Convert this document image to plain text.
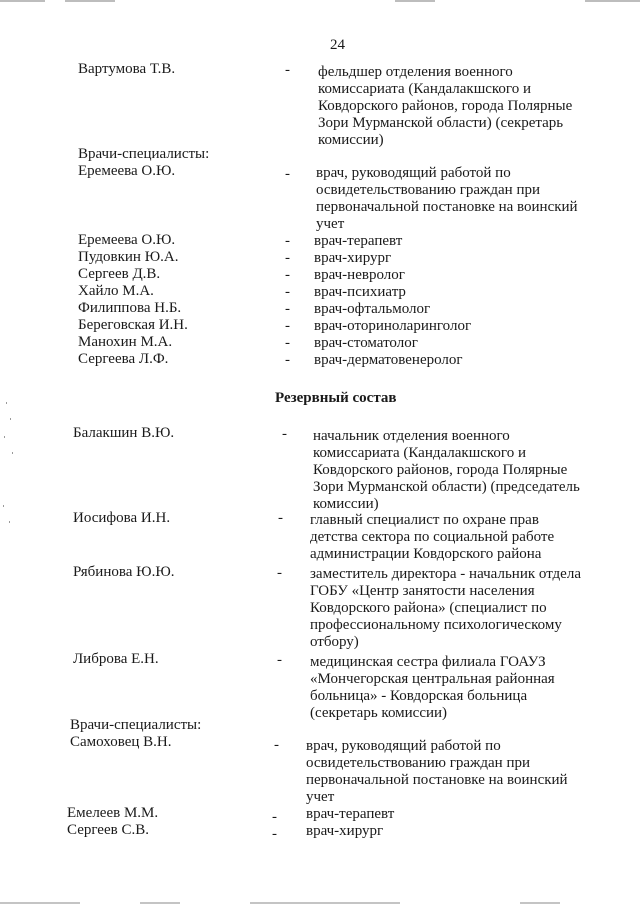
24
Вартумова Т.В.	- фельдшер отделения военного комиссариата (Кандалакшского и Ковдорского районов, города Полярные Зори Мурманской области) (секретарь комиссии)
Врачи-специалисты:
Еремеева О.Ю.	- врач, руководящий работой по освидетельствованию граждан при первоначальной постановке на воинский учет
Еремеева О.Ю.	- врач-терапевт
Пудовкин Ю.А.	- врач-хирург
Сергеев Д.В.	- врач-невролог
Хайло М.А.	- врач-психиатр
Филиппова Н.Б.	- врач-офтальмолог
Береговская И.Н.	- врач-оториноларинголог
Манохин М.А.	- врач-стоматолог
Сергеева Л.Ф.	- врач-дерматовенеролог
Резервный состав
Балакшин В.Ю.	- начальник отделения военного комиссариата (Кандалакшского и Ковдорского районов, города Полярные Зори Мурманской области) (председатель комиссии)
Иосифова И.Н.	- главный специалист по охране прав детства сектора по социальной работе администрации Ковдорского района
Рябинова Ю.Ю.	- заместитель директора - начальник отдела ГОБУ «Центр занятости населения Ковдорского района» (специалист по профессиональному психологическому отбору)
Либрова Е.Н.	- медицинская сестра филиала ГОАУЗ «Мончегорская центральная районная больница» - Ковдорская больница (секретарь комиссии)
Врачи-специалисты:
Самоховец В.Н.	- врач, руководящий работой по освидетельствованию граждан при первоначальной постановке на воинский учет
Емелеев М.М.	- врач-терапевт
Сергеев С.В.	- врач-хирург
